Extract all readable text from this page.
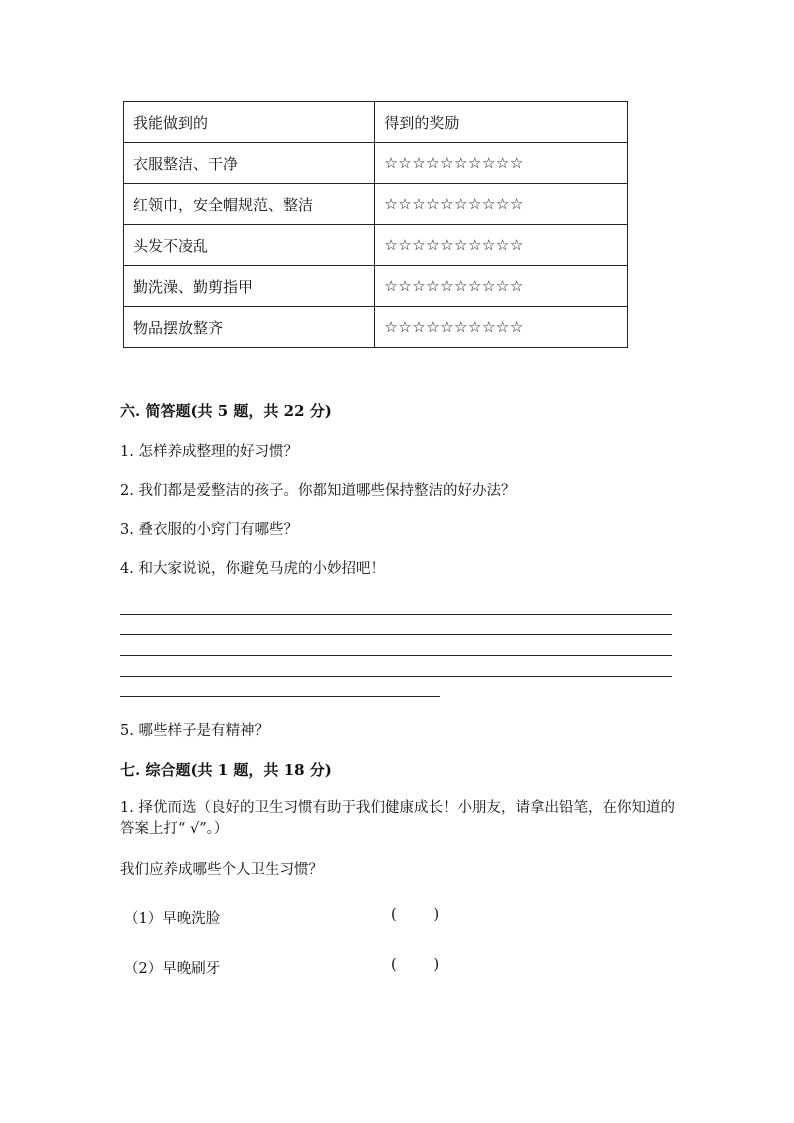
我能做到的	得到的奖励
衣服整洁、干净	☆☆☆☆☆☆☆☆☆☆
红领巾，安全帽规范、整洁	☆☆☆☆☆☆☆☆☆☆
头发不凌乱	☆☆☆☆☆☆☆☆☆☆
勤洗澡、勤剪指甲	☆☆☆☆☆☆☆☆☆☆
物品摆放整齐	☆☆☆☆☆☆☆☆☆☆
六. 简答题(共 5 题，共 22 分)
1. 怎样养成整理的好习惯？
2. 我们都是爱整洁的孩子。你都知道哪些保持整洁的好办法？
3. 叠衣服的小窍门有哪些？
4. 和大家说说，你避免马虎的小妙招吧！
5. 哪些样子是有精神？
七. 综合题(共 1 题，共 18 分)
1. 择优而选（良好的卫生习惯有助于我们健康成长！小朋友，请拿出铅笔，在你知道的答案上打“ √”。）
我们应养成哪些个人卫生习惯？
（1）早晚洗脸	(        )
（2）早晚刷牙	(        )
